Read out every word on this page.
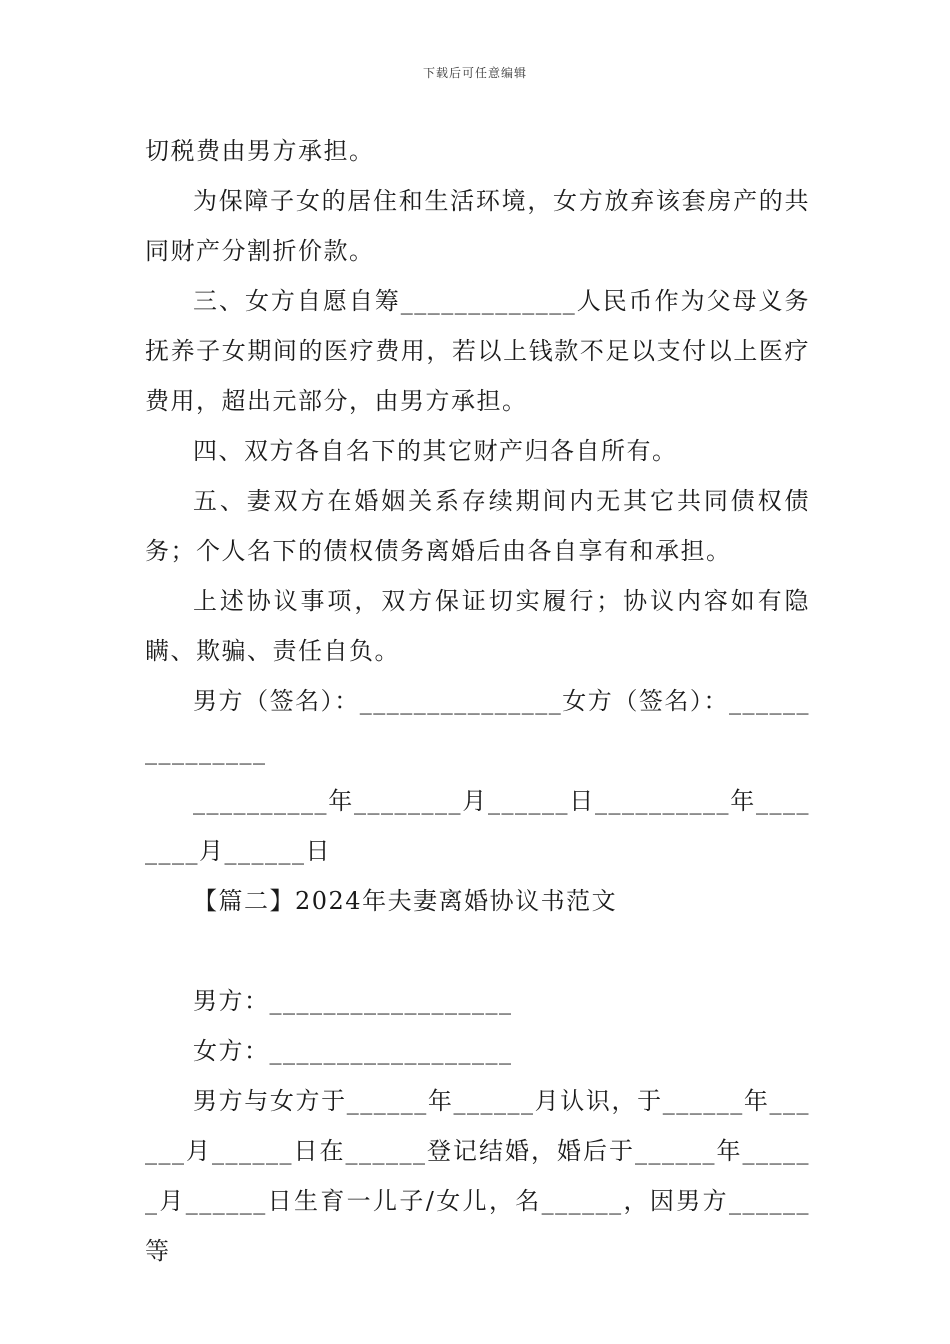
下载后可任意编辑

切税费由男方承担。

为保障子女的居住和生活环境，女方放弃该套房产的共同财产分割折价款。

三、女方自愿自筹_____________人民币作为父母义务抚养子女期间的医疗费用，若以上钱款不足以支付以上医疗费用，超出元部分，由男方承担。

四、双方各自名下的其它财产归各自所有。

五、妻双方在婚姻关系存续期间内无其它共同债权债务；个人名下的债权债务离婚后由各自享有和承担。

上述协议事项，双方保证切实履行；协议内容如有隐瞒、欺骗、责任自负。

男方（签名）：_______________女方（签名）：_______________

__________年________月______日__________年________月______日

【篇二】2024年夫妻离婚协议书范文

男方：__________________

女方：__________________

男方与女方于______年______月认识，于______年______月______日在______登记结婚，婚后于______年______月______日生育一儿子/女儿，名______，因男方______等
